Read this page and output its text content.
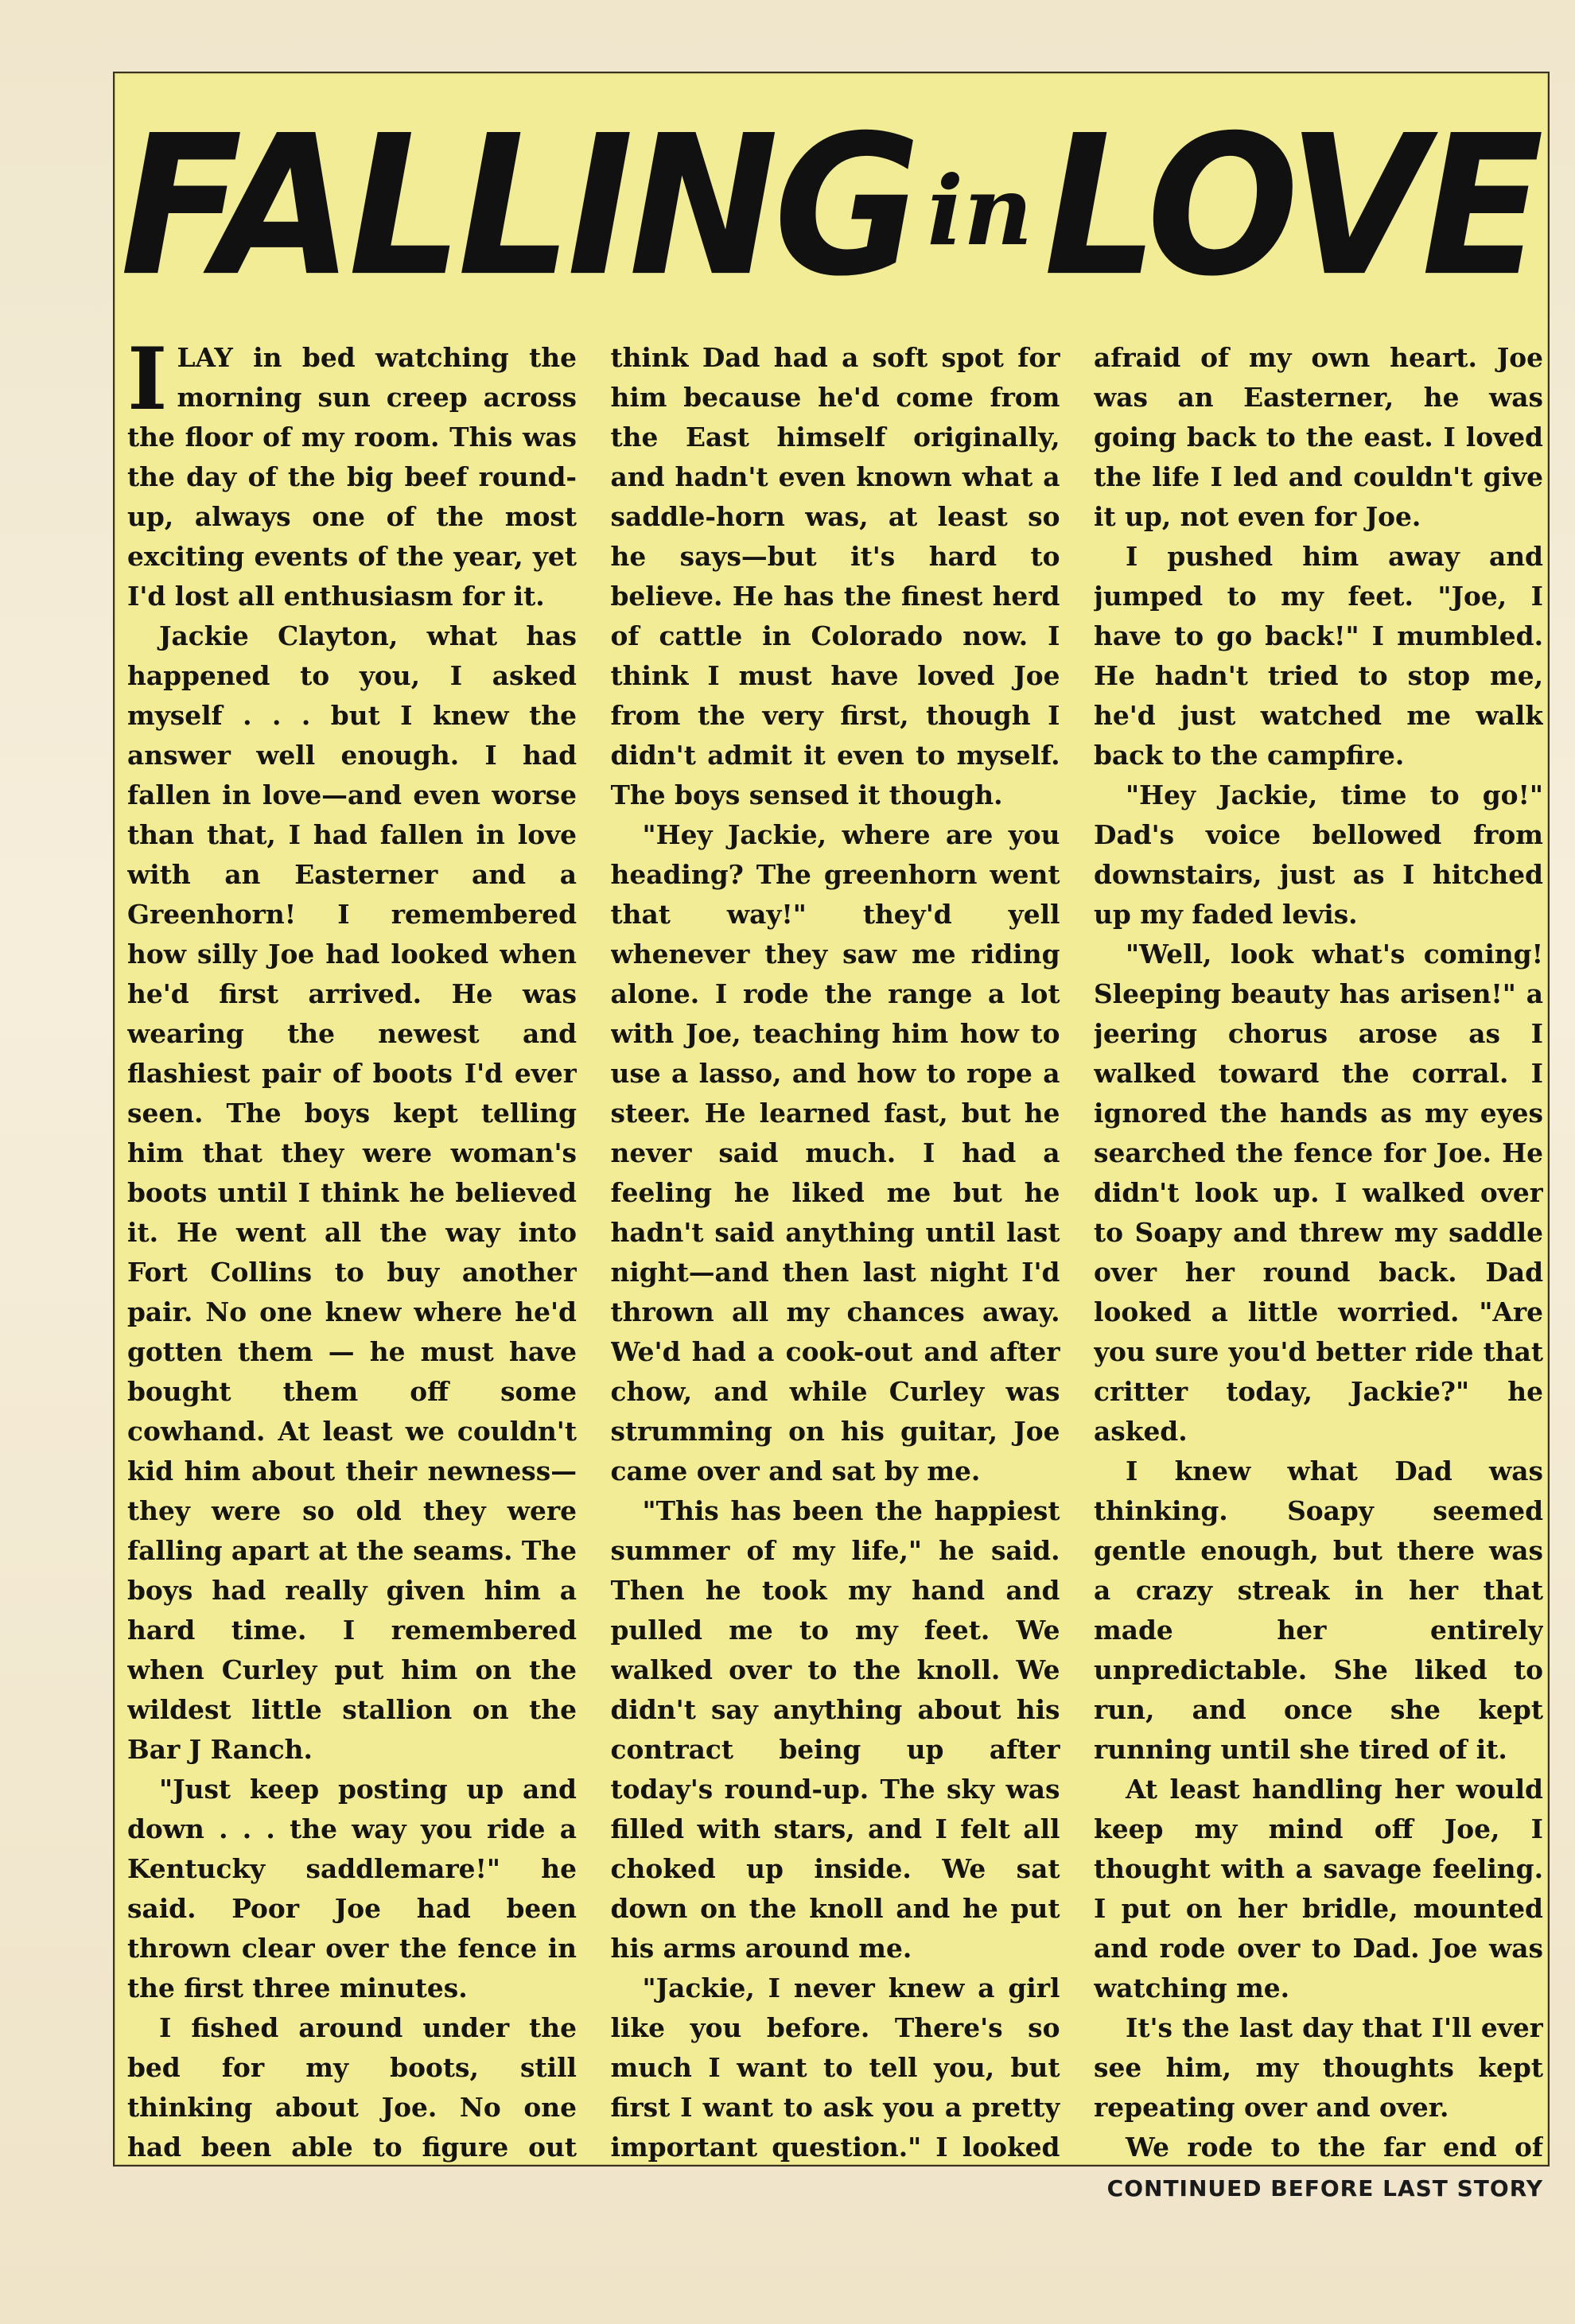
FALLING in LOVE

I LAY in bed watching the morning sun creep across the floor of my room. This was the day of the big beef round-up, always one of the most exciting events of the year, yet I'd lost all enthusiasm for it.

Jackie Clayton, what has happened to you, I asked myself . . . but I knew the answer well enough. I had fallen in love—and even worse than that, I had fallen in love with an Easterner and a Greenhorn! I remembered how silly Joe had looked when he'd first arrived. He was wearing the newest and flashiest pair of boots I'd ever seen. The boys kept telling him that they were woman's boots until I think he believed it. He went all the way into Fort Collins to buy another pair. No one knew where he'd gotten them — he must have bought them off some cowhand. At least we couldn't kid him about their newness—they were so old they were falling apart at the seams. The boys had really given him a hard time. I remembered when Curley put him on the wildest little stallion on the Bar J Ranch.

"Just keep posting up and down . . . the way you ride a Kentucky saddlemare!" he said. Poor Joe had been thrown clear over the fence in the first three minutes.

I fished around under the bed for my boots, still thinking about Joe. No one had been able to figure out

think Dad had a soft spot for him because he'd come from the East himself originally, and hadn't even known what a saddle-horn was, at least so he says—but it's hard to believe. He has the finest herd of cattle in Colorado now. I think I must have loved Joe from the very first, though I didn't admit it even to myself. The boys sensed it though.

"Hey Jackie, where are you heading? The greenhorn went that way!" they'd yell whenever they saw me riding alone. I rode the range a lot with Joe, teaching him how to use a lasso, and how to rope a steer. He learned fast, but he never said much. I had a feeling he liked me but he hadn't said anything until last night—and then last night I'd thrown all my chances away. We'd had a cook-out and after chow, and while Curley was strumming on his guitar, Joe came over and sat by me.

"This has been the happiest summer of my life," he said. Then he took my hand and pulled me to my feet. We walked over to the knoll. We didn't say anything about his contract being up after today's round-up. The sky was filled with stars, and I felt all choked up inside. We sat down on the knoll and he put his arms around me.

"Jackie, I never knew a girl like you before. There's so much I want to tell you, but first I want to ask you a pretty important question." I looked

afraid of my own heart. Joe was an Easterner, he was going back to the east. I loved the life I led and couldn't give it up, not even for Joe.

I pushed him away and jumped to my feet. "Joe, I have to go back!" I mumbled. He hadn't tried to stop me, he'd just watched me walk back to the campfire.

"Hey Jackie, time to go!" Dad's voice bellowed from downstairs, just as I hitched up my faded levis.

"Well, look what's coming! Sleeping beauty has arisen!" a jeering chorus arose as I walked toward the corral. I ignored the hands as my eyes searched the fence for Joe. He didn't look up. I walked over to Soapy and threw my saddle over her round back. Dad looked a little worried. "Are you sure you'd better ride that critter today, Jackie?" he asked.

I knew what Dad was thinking. Soapy seemed gentle enough, but there was a crazy streak in her that made her entirely unpredictable. She liked to run, and once she kept running until she tired of it.

At least handling her would keep my mind off Joe, I thought with a savage feeling. I put on her bridle, mounted and rode over to Dad. Joe was watching me.

It's the last day that I'll ever see him, my thoughts kept repeating over and over.

We rode to the far end of

CONTINUED BEFORE LAST STORY
